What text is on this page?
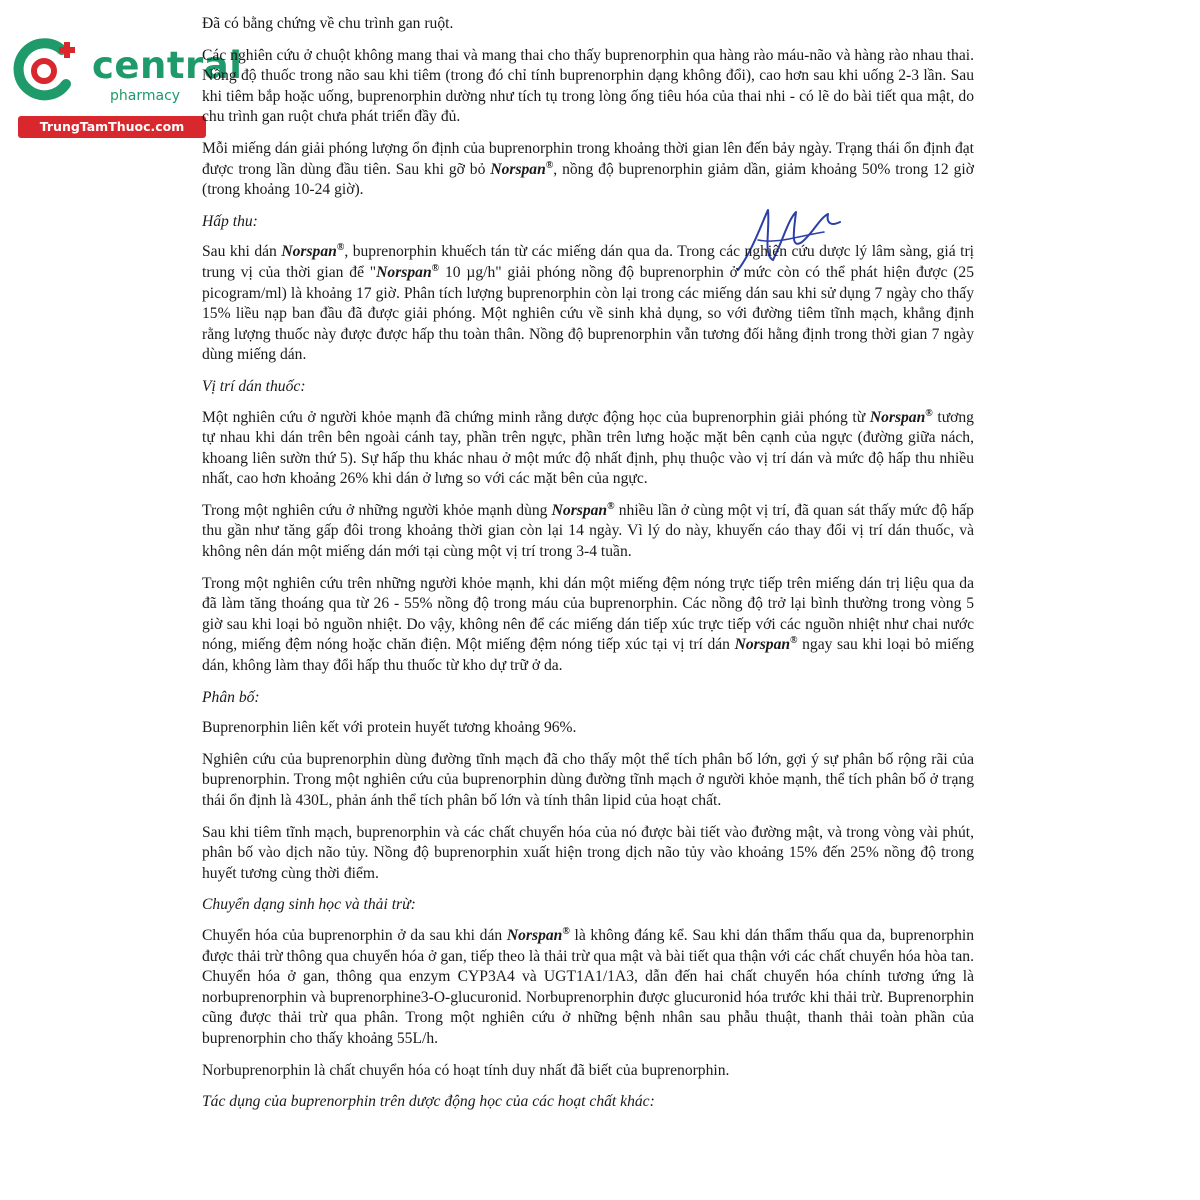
central
pharmacy
TrungTamThuoc.com

Đã có bằng chứng về chu trình gan ruột.

Các nghiên cứu ở chuột không mang thai và mang thai cho thấy buprenorphin qua hàng rào máu-não và hàng rào nhau thai. Nồng độ thuốc trong não sau khi tiêm (trong đó chỉ tính buprenorphin dạng không đổi), cao hơn sau khi uống 2-3 lần. Sau khi tiêm bắp hoặc uống, buprenorphin dường như tích tụ trong lòng ống tiêu hóa của thai nhi - có lẽ do bài tiết qua mật, do chu trình gan ruột chưa phát triển đầy đủ.

Mỗi miếng dán giải phóng lượng ổn định của buprenorphin trong khoảng thời gian lên đến bảy ngày. Trạng thái ổn định đạt được trong lần dùng đầu tiên. Sau khi gỡ bỏ Norspan®, nồng độ buprenorphin giảm dần, giảm khoảng 50% trong 12 giờ (trong khoảng 10-24 giờ).

Hấp thu:

Sau khi dán Norspan®, buprenorphin khuếch tán từ các miếng dán qua da. Trong các nghiên cứu dược lý lâm sàng, giá trị trung vị của thời gian để "Norspan® 10 µg/h" giải phóng nồng độ buprenorphin ở mức còn có thể phát hiện được (25 picogram/ml) là khoảng 17 giờ. Phân tích lượng buprenorphin còn lại trong các miếng dán sau khi sử dụng 7 ngày cho thấy 15% liều nạp ban đầu đã được giải phóng. Một nghiên cứu về sinh khả dụng, so với đường tiêm tĩnh mạch, khẳng định rằng lượng thuốc này được được hấp thu toàn thân. Nồng độ buprenorphin vẫn tương đối hằng định trong thời gian 7 ngày dùng miếng dán.

Vị trí dán thuốc:

Một nghiên cứu ở người khỏe mạnh đã chứng minh rằng dược động học của buprenorphin giải phóng từ Norspan® tương tự nhau khi dán trên bên ngoài cánh tay, phần trên ngực, phần trên lưng hoặc mặt bên cạnh của ngực (đường giữa nách, khoang liên sườn thứ 5). Sự hấp thu khác nhau ở một mức độ nhất định, phụ thuộc vào vị trí dán và mức độ hấp thu nhiều nhất, cao hơn khoảng 26% khi dán ở lưng so với các mặt bên của ngực.

Trong một nghiên cứu ở những người khỏe mạnh dùng Norspan® nhiều lần ở cùng một vị trí, đã quan sát thấy mức độ hấp thu gần như tăng gấp đôi trong khoảng thời gian còn lại 14 ngày. Vì lý do này, khuyến cáo thay đổi vị trí dán thuốc, và không nên dán một miếng dán mới tại cùng một vị trí trong 3-4 tuần.

Trong một nghiên cứu trên những người khỏe mạnh, khi dán một miếng đệm nóng trực tiếp trên miếng dán trị liệu qua da đã làm tăng thoáng qua từ 26 - 55% nồng độ trong máu của buprenorphin. Các nồng độ trở lại bình thường trong vòng 5 giờ sau khi loại bỏ nguồn nhiệt. Do vậy, không nên để các miếng dán tiếp xúc trực tiếp với các nguồn nhiệt như chai nước nóng, miếng đệm nóng hoặc chăn điện. Một miếng đệm nóng tiếp xúc tại vị trí dán Norspan® ngay sau khi loại bỏ miếng dán, không làm thay đổi hấp thu thuốc từ kho dự trữ ở da.

Phân bố:

Buprenorphin liên kết với protein huyết tương khoảng 96%.

Nghiên cứu của buprenorphin dùng đường tĩnh mạch đã cho thấy một thể tích phân bố lớn, gợi ý sự phân bố rộng rãi của buprenorphin. Trong một nghiên cứu của buprenorphin dùng đường tĩnh mạch ở người khỏe mạnh, thể tích phân bố ở trạng thái ổn định là 430L, phản ánh thể tích phân bố lớn và tính thân lipid của hoạt chất.

Sau khi tiêm tĩnh mạch, buprenorphin và các chất chuyển hóa của nó được bài tiết vào đường mật, và trong vòng vài phút, phân bố vào dịch não tủy. Nồng độ buprenorphin xuất hiện trong dịch não tủy vào khoảng 15% đến 25% nồng độ trong huyết tương cùng thời điểm.

Chuyển dạng sinh học và thải trừ:

Chuyển hóa của buprenorphin ở da sau khi dán Norspan® là không đáng kể. Sau khi dán thẩm thấu qua da, buprenorphin được thải trừ thông qua chuyển hóa ở gan, tiếp theo là thải trừ qua mật và bài tiết qua thận với các chất chuyển hóa hòa tan. Chuyển hóa ở gan, thông qua enzym CYP3A4 và UGT1A1/1A3, dẫn đến hai chất chuyển hóa chính tương ứng là norbuprenorphin và buprenorphine3-O-glucuronid. Norbuprenorphin được glucuronid hóa trước khi thải trừ. Buprenorphin cũng được thải trừ qua phân. Trong một nghiên cứu ở những bệnh nhân sau phẫu thuật, thanh thải toàn phần của buprenorphin cho thấy khoảng 55L/h.

Norbuprenorphin là chất chuyển hóa có hoạt tính duy nhất đã biết của buprenorphin.

Tác dụng của buprenorphin trên dược động học của các hoạt chất khác:
